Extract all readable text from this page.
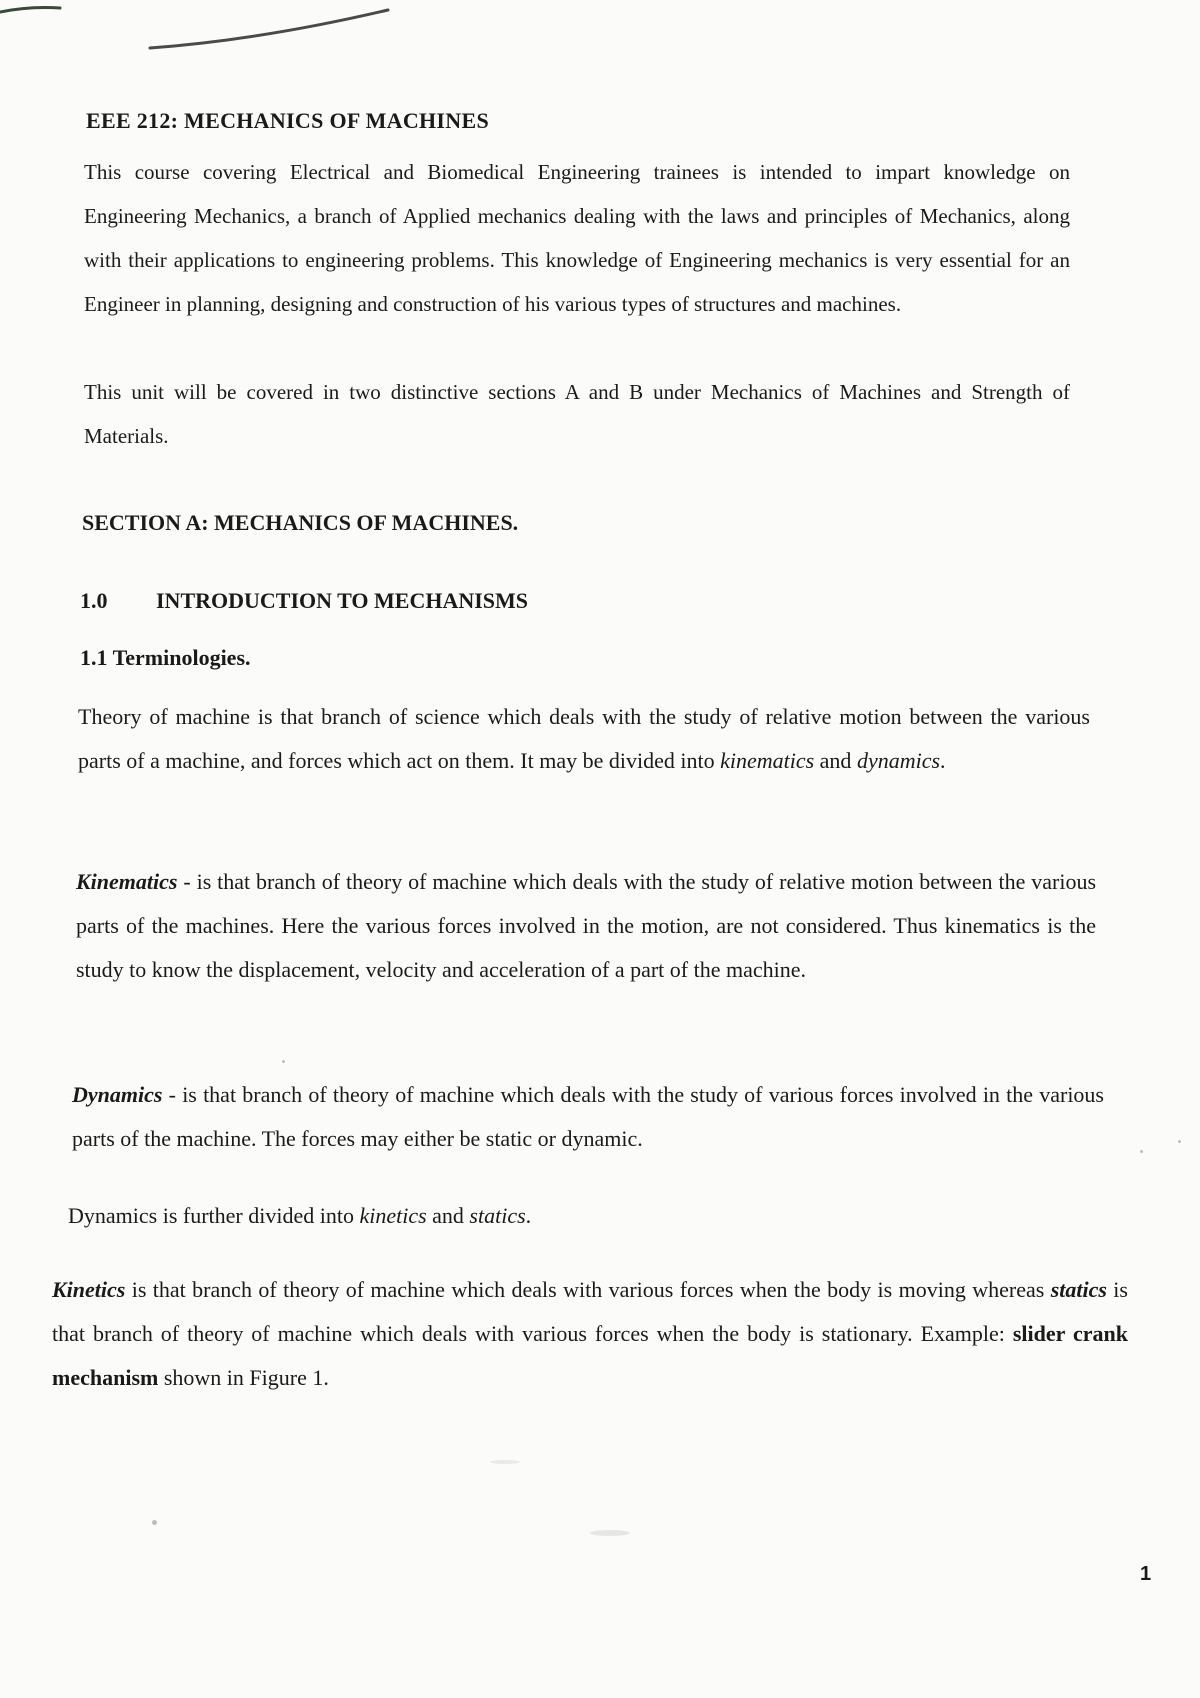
EEE 212: MECHANICS OF MACHINES

This course covering Electrical and Biomedical Engineering trainees is intended to impart knowledge on Engineering Mechanics, a branch of Applied mechanics dealing with the laws and principles of Mechanics, along with their applications to engineering problems. This knowledge of Engineering mechanics is very essential for an Engineer in planning, designing and construction of his various types of structures and machines.

This unit will be covered in two distinctive sections A and B under Mechanics of Machines and Strength of Materials.

SECTION A: MECHANICS OF MACHINES.
1.0 INTRODUCTION TO MECHANISMS
1.1 Terminologies.

Theory of machine is that branch of science which deals with the study of relative motion between the various parts of a machine, and forces which act on them. It may be divided into kinematics and dynamics.

Kinematics - is that branch of theory of machine which deals with the study of relative motion between the various parts of the machines. Here the various forces involved in the motion, are not considered. Thus kinematics is the study to know the displacement, velocity and acceleration of a part of the machine.

Dynamics - is that branch of theory of machine which deals with the study of various forces involved in the various parts of the machine. The forces may either be static or dynamic.

Dynamics is further divided into kinetics and statics.

Kinetics is that branch of theory of machine which deals with various forces when the body is moving whereas statics is that branch of theory of machine which deals with various forces when the body is stationary. Example: slider crank mechanism shown in Figure 1.

1
